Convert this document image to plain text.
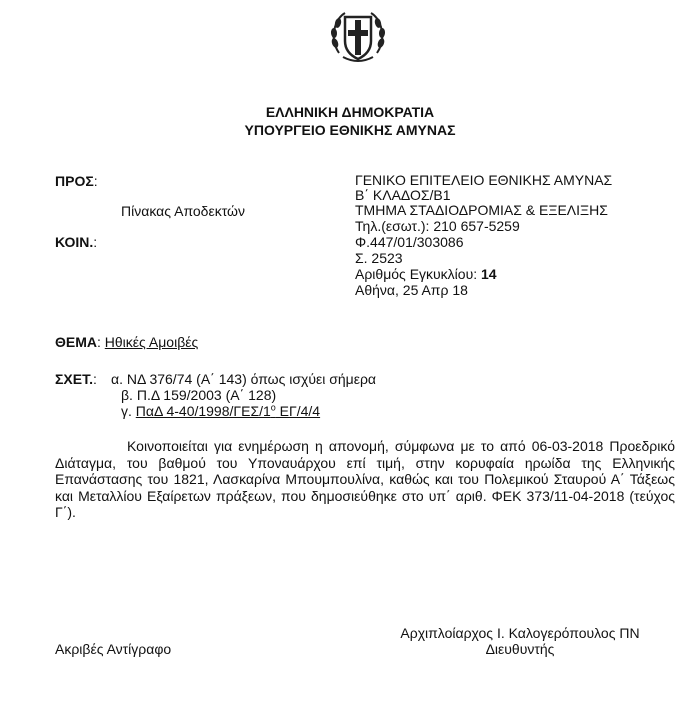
ΕΛΛΗΝΙΚΗ ΔΗΜΟΚΡΑΤΙΑ
ΥΠΟΥΡΓΕΙΟ ΕΘΝΙΚΗΣ ΑΜΥΝΑΣ
ΠΡΟΣ:
Πίνακας Αποδεκτών
ΚΟΙΝ.:
ΓΕΝΙΚΟ ΕΠΙΤΕΛΕΙΟ ΕΘΝΙΚΗΣ ΑΜΥΝΑΣ
Β΄ ΚΛΑΔΟΣ/Β1
ΤΜΗΜΑ ΣΤΑΔΙΟΔΡΟΜΙΑΣ & ΕΞΕΛΙΞΗΣ
Τηλ.(εσωτ.): 210 657-5259
Φ.447/01/303086
Σ. 2523
Αριθμός Εγκυκλίου: 14
Αθήνα, 25 Απρ 18
ΘΕΜΑ: Ηθικές Αμοιβές
ΣΧΕΤ.: α. ΝΔ 376/74 (Α΄ 143) όπως ισχύει σήμερα
β. Π.Δ 159/2003 (Α΄ 128)
γ. ΠαΔ $4-40/1998/\Gamma E\Sigma/1^o$ ΕΓ/4/4
Κοινοποιείται για ενημέρωση η απονομή, σύμφωνα με το από 06-03-2018 Προεδρικό Διάταγμα, του βαθμού του Υποναυάρχου επί τιμή, στην κορυφαία ηρωίδα της Ελληνικής Επανάστασης του 1821, Λασκαρίνα Μπουμπουλίνα, καθώς και του Πολεμικού Σταυρού Α΄ Τάξεως και Μεταλλίου Εξαίρετων πράξεων, που δημοσιεύθηκε στο υπ΄ αριθ. ΦΕΚ 373/11-04-2018 (τεύχος Γ΄).
Ακριβές Αντίγραφο
Αρχιπλοίαρχος Ι. Καλογερόπουλος ΠΝ
Διευθυντής
